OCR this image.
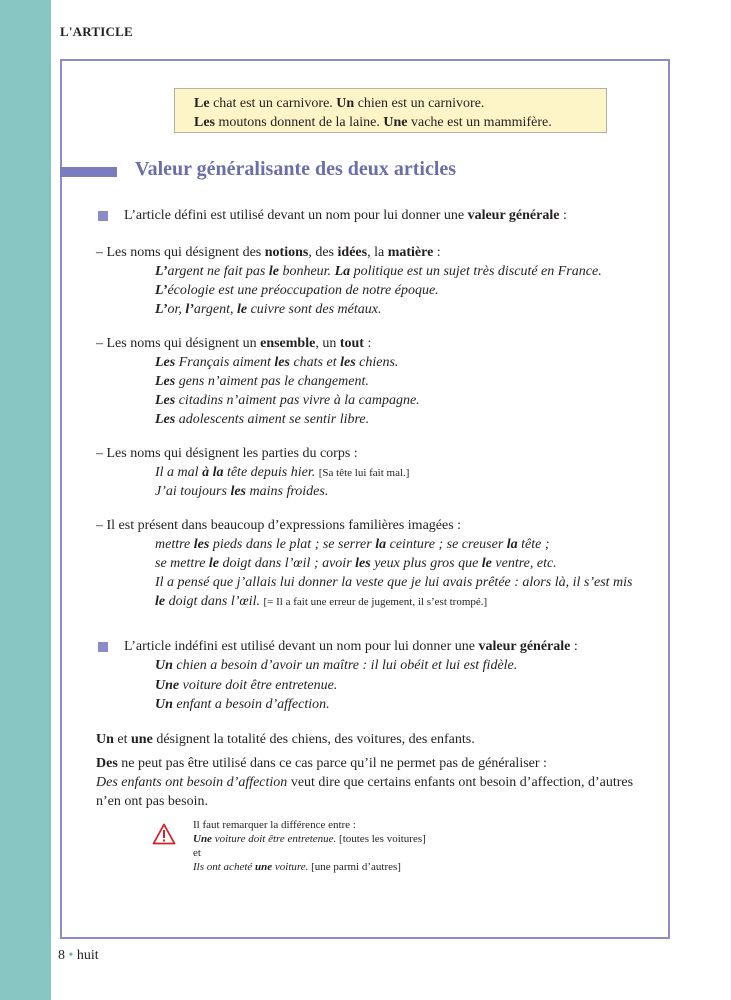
L'ARTICLE
Le chat est un carnivore. Un chien est un carnivore.
Les moutons donnent de la laine. Une vache est un mammifère.
Valeur généralisante des deux articles
L’article défini est utilisé devant un nom pour lui donner une valeur générale :
– Les noms qui désignent des notions, des idées, la matière :
L’argent ne fait pas le bonheur. La politique est un sujet très discuté en France.
L’écologie est une préoccupation de notre époque.
L’or, l’argent, le cuivre sont des métaux.
– Les noms qui désignent un ensemble, un tout :
Les Français aiment les chats et les chiens.
Les gens n’aiment pas le changement.
Les citadins n’aiment pas vivre à la campagne.
Les adolescents aiment se sentir libre.
– Les noms qui désignent les parties du corps :
Il a mal à la tête depuis hier. [Sa tête lui fait mal.]
J’ai toujours les mains froides.
– Il est présent dans beaucoup d’expressions familières imagées :
mettre les pieds dans le plat ; se serrer la ceinture ; se creuser la tête ;
se mettre le doigt dans l’œil ; avoir les yeux plus gros que le ventre, etc.
Il a pensé que j’allais lui donner la veste que je lui avais prêtée : alors là, il s’est mis
le doigt dans l’œil. [= Il a fait une erreur de jugement, il s’est trompé.]
L’article indéfini est utilisé devant un nom pour lui donner une valeur générale :
Un chien a besoin d’avoir un maître : il lui obéit et lui est fidèle.
Une voiture doit être entretenue.
Un enfant a besoin d’affection.
Un et une désignent la totalité des chiens, des voitures, des enfants.
Des ne peut pas être utilisé dans ce cas parce qu’il ne permet pas de généraliser :
Des enfants ont besoin d’affection veut dire que certains enfants ont besoin d’affection, d’autres
n’en ont pas besoin.
Il faut remarquer la différence entre :
Une voiture doit être entretenue. [toutes les voitures]
et
Ils ont acheté une voiture. [une parmi d’autres]
8 • huit
